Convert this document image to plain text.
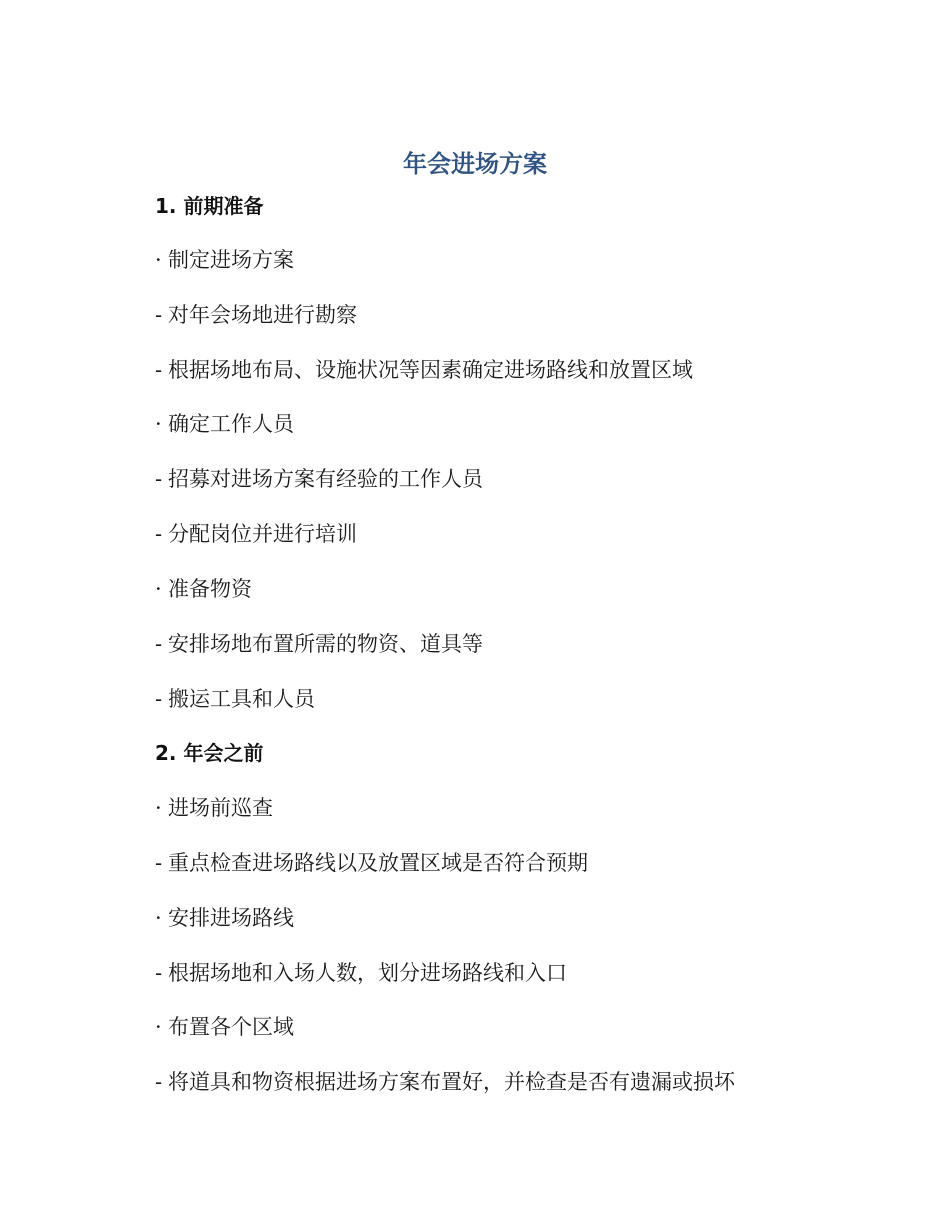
年会进场方案
1. 前期准备
· 制定进场方案
- 对年会场地进行勘察
- 根据场地布局、设施状况等因素确定进场路线和放置区域
· 确定工作人员
- 招募对进场方案有经验的工作人员
- 分配岗位并进行培训
· 准备物资
- 安排场地布置所需的物资、道具等
- 搬运工具和人员
2. 年会之前
· 进场前巡查
- 重点检查进场路线以及放置区域是否符合预期
· 安排进场路线
- 根据场地和入场人数，划分进场路线和入口
· 布置各个区域
- 将道具和物资根据进场方案布置好，并检查是否有遗漏或损坏
